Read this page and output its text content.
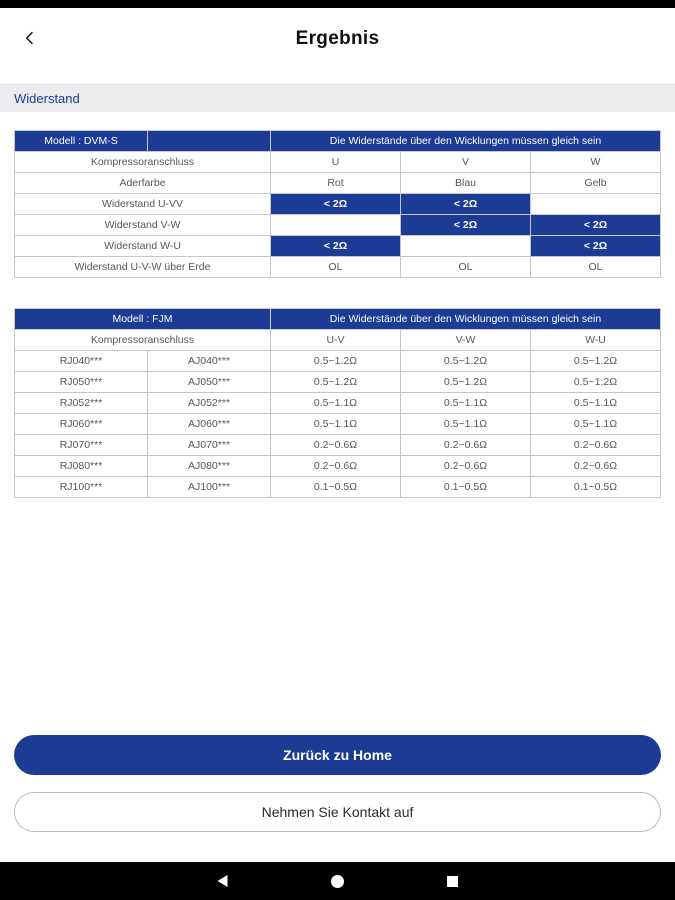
Ergebnis
Widerstand
Modell : DVM-S		Die Widerstände über den Wicklungen müssen gleich sein		
Kompressoranschluss		U	V	W
Aderfarbe		Rot	Blau	Gelb
Widerstand U-VV		< 2Ω	< 2Ω	
Widerstand V-W			< 2Ω	< 2Ω
Widerstand W-U		< 2Ω		< 2Ω
Widerstand U-V-W über Erde		OL	OL	OL
Modell : FJM		Die Widerstände über den Wicklungen müssen gleich sein		
Kompressoranschluss		U-V	V-W	W-U
RJ040***	AJ040***	0.5~1.2Ω	0.5~1.2Ω	0.5~1.2Ω
RJ050***	AJ050***	0.5~1.2Ω	0.5~1.2Ω	0.5~1.2Ω
RJ052***	AJ052***	0.5~1.1Ω	0.5~1.1Ω	0.5~1.1Ω
RJ060***	AJ060***	0.5~1.1Ω	0.5~1.1Ω	0.5~1.1Ω
RJ070***	AJ070***	0.2~0.6Ω	0.2~0.6Ω	0.2~0.6Ω
RJ080***	AJ080***	0.2~0.6Ω	0.2~0.6Ω	0.2~0.6Ω
RJ100***	AJ100***	0.1~0.5Ω	0.1~0.5Ω	0.1~0.5Ω
Zurück zu Home
Nehmen Sie Kontakt auf
